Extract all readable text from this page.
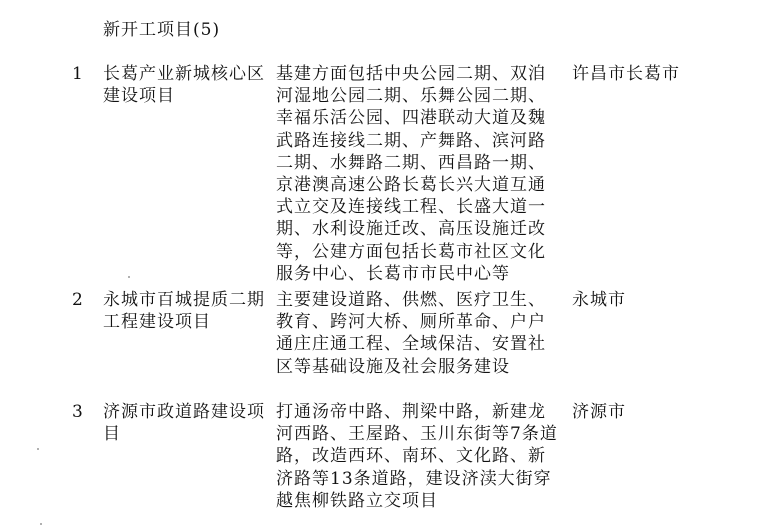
新开工项目(5)
1 长葛产业新城核心区建设项目
基建方面包括中央公园二期、双洎河湿地公园二期、乐舞公园二期、幸福乐活公园、四港联动大道及魏武路连接线二期、产舞路、滨河路二期、水舞路二期、西昌路一期、京港澳高速公路长葛长兴大道互通式立交及连接线工程、长盛大道一期、水利设施迁改、高压设施迁改等，公建方面包括长葛市社区文化服务中心、长葛市市民中心等
许昌市长葛市
2 永城市百城提质二期工程建设项目
主要建设道路、供燃、医疗卫生、教育、跨河大桥、厕所革命、户户通庄庄通工程、全域保洁、安置社区等基础设施及社会服务建设
永城市
3 济源市政道路建设项目
打通汤帝中路、荆梁中路，新建龙河西路、王屋路、玉川东街等7条道路，改造西环、南环、文化路、新济路等13条道路，建设济渎大街穿越焦柳铁路立交项目
济源市
